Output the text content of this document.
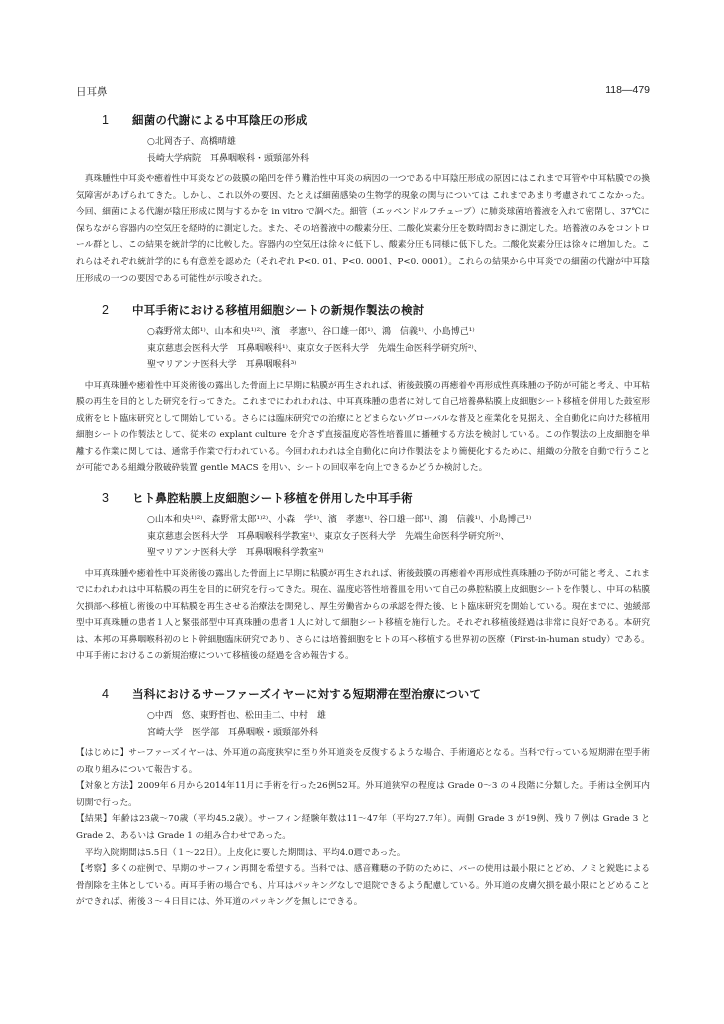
日耳鼻	118—479
1	細菌の代謝による中耳陰圧の形成
○北岡杏子、高橋晴雄
長崎大学病院　耳鼻咽喉科・頭頸部外科

真珠腫性中耳炎や癒着性中耳炎などの鼓膜の陥凹を伴う難治性中耳炎の病因の一つである中耳陰圧形成の原因にはこれまで耳管や中耳粘膜での換気障害があげられてきた。しかし、これ以外の要因、たとえば細菌感染の生物学的現象の関与については これまであまり考慮されてこなかった。今回、細菌による代謝が陰圧形成に関与するかを in vitro で調べた。細管（エッペンドルフチューブ）に肺炎球菌培養液を入れて密閉し、37℃に保ちながら容器内の空気圧を経時的に測定した。また、その培養液中の酸素分圧、二酸化炭素分圧を数時間おきに測定した。培養液のみをコントロール群とし、この結果を統計学的に比較した。容器内の空気圧は徐々に低下し、酸素分圧も同様に低下した。二酸化炭素分圧は徐々に増加した。これらはそれぞれ統計学的にも有意差を認めた（それぞれ P<0. 01、P<0. 0001、P<0. 0001）。これらの結果から中耳炎での細菌の代謝が中耳陰圧形成の一つの要因である可能性が示唆された。

2	中耳手術における移植用細胞シートの新規作製法の検討
○森野常太郎¹⁾、山本和央¹⁾²⁾、濱　孝憲¹⁾、谷口雄一郎¹⁾、鴻　信義¹⁾、小島博己¹⁾
東京慈恵会医科大学　耳鼻咽喉科¹⁾、東京女子医科大学　先端生命医科学研究所²⁾、
聖マリアンナ医科大学　耳鼻咽喉科³⁾

中耳真珠腫や癒着性中耳炎術後の露出した骨面上に早期に粘膜が再生されれば、術後鼓膜の再癒着や再形成性真珠腫の予防が可能と考え、中耳粘膜の再生を目的とした研究を行ってきた。これまでにわれわれは、中耳真珠腫の患者に対して自己培養鼻粘膜上皮細胞シート移植を併用した鼓室形成術をヒト臨床研究として開始している。さらには臨床研究での治療にとどまらないグローバルな普及と産業化を見据え、全自動化に向けた移植用細胞シートの作製法として、従来の explant culture を介さず直接温度応答性培養皿に播種する方法を検討している。この作製法の上皮細胞を単離する作業に関しては、通常手作業で行われている。今回われわれは全自動化に向け作製法をより簡便化するために、組織の分散を自動で行うことが可能である組織分散破砕装置 gentle MACS を用い、シートの回収率を向上できるかどうか検討した。

3	ヒト鼻腔粘膜上皮細胞シート移植を併用した中耳手術
○山本和央¹⁾²⁾、森野常太郎¹⁾²⁾、小森　学¹⁾、濱　孝憲¹⁾、谷口雄一郎¹⁾、鴻　信義¹⁾、小島博己¹⁾
東京慈恵会医科大学　耳鼻咽喉科学教室¹⁾、東京女子医科大学　先端生命医科学研究所²⁾、
聖マリアンナ医科大学　耳鼻咽喉科学教室³⁾

中耳真珠腫や癒着性中耳炎術後の露出した骨面上に早期に粘膜が再生されれば、術後鼓膜の再癒着や再形成性真珠腫の予防が可能と考え、これまでにわれわれは中耳粘膜の再生を目的に研究を行ってきた。現在、温度応答性培養皿を用いて自己の鼻腔粘膜上皮細胞シートを作製し、中耳の粘膜欠損部へ移植し術後の中耳粘膜を再生させる治療法を開発し、厚生労働省からの承認を得た後、ヒト臨床研究を開始している。現在までに、弛緩部型中耳真珠腫の患者１人と緊張部型中耳真珠腫の患者１人に対して細胞シート移植を施行した。それぞれ移植後経過は非常に良好である。本研究は、本邦の耳鼻咽喉科初のヒト幹細胞臨床研究であり、さらには培養細胞をヒトの耳へ移植する世界初の医療（First-in-human study）である。中耳手術におけるこの新規治療について移植後の経過を含め報告する。

4	当科におけるサーファーズイヤーに対する短期滞在型治療について
○中西　悠、東野哲也、松田圭二、中村　雄
宮崎大学　医学部　耳鼻咽喉・頭頸部外科

【はじめに】サーファーズイヤーは、外耳道の高度狭窄に至り外耳道炎を反復するような場合、手術適応となる。当科で行っている短期滞在型手術の取り組みについて報告する。

【対象と方法】2009年６月から2014年11月に手術を行った26例52耳。外耳道狭窄の程度は Grade 0〜3 の４段階に分類した。手術は全例耳内切開で行った。

【結果】年齢は23歳〜70歳（平均45.2歳）。サーフィン経験年数は11〜47年（平均27.7年）。両側 Grade 3 が19例、残り７例は Grade 3 と Grade 2、あるいは Grade 1 の組み合わせであった。

平均入院期間は5.5日（１〜22日）。上皮化に要した期間は、平均4.0週であった。

【考察】多くの症例で、早期のサーフィン再開を希望する。当科では、感音難聴の予防のために、バーの使用は最小限にとどめ、ノミと鋭匙による骨削除を主体としている。両耳手術の場合でも、片耳はパッキングなしで退院できるよう配慮している。外耳道の皮膚欠損を最小限にとどめることができれば、術後３〜４日目には、外耳道のパッキングを無しにできる。
